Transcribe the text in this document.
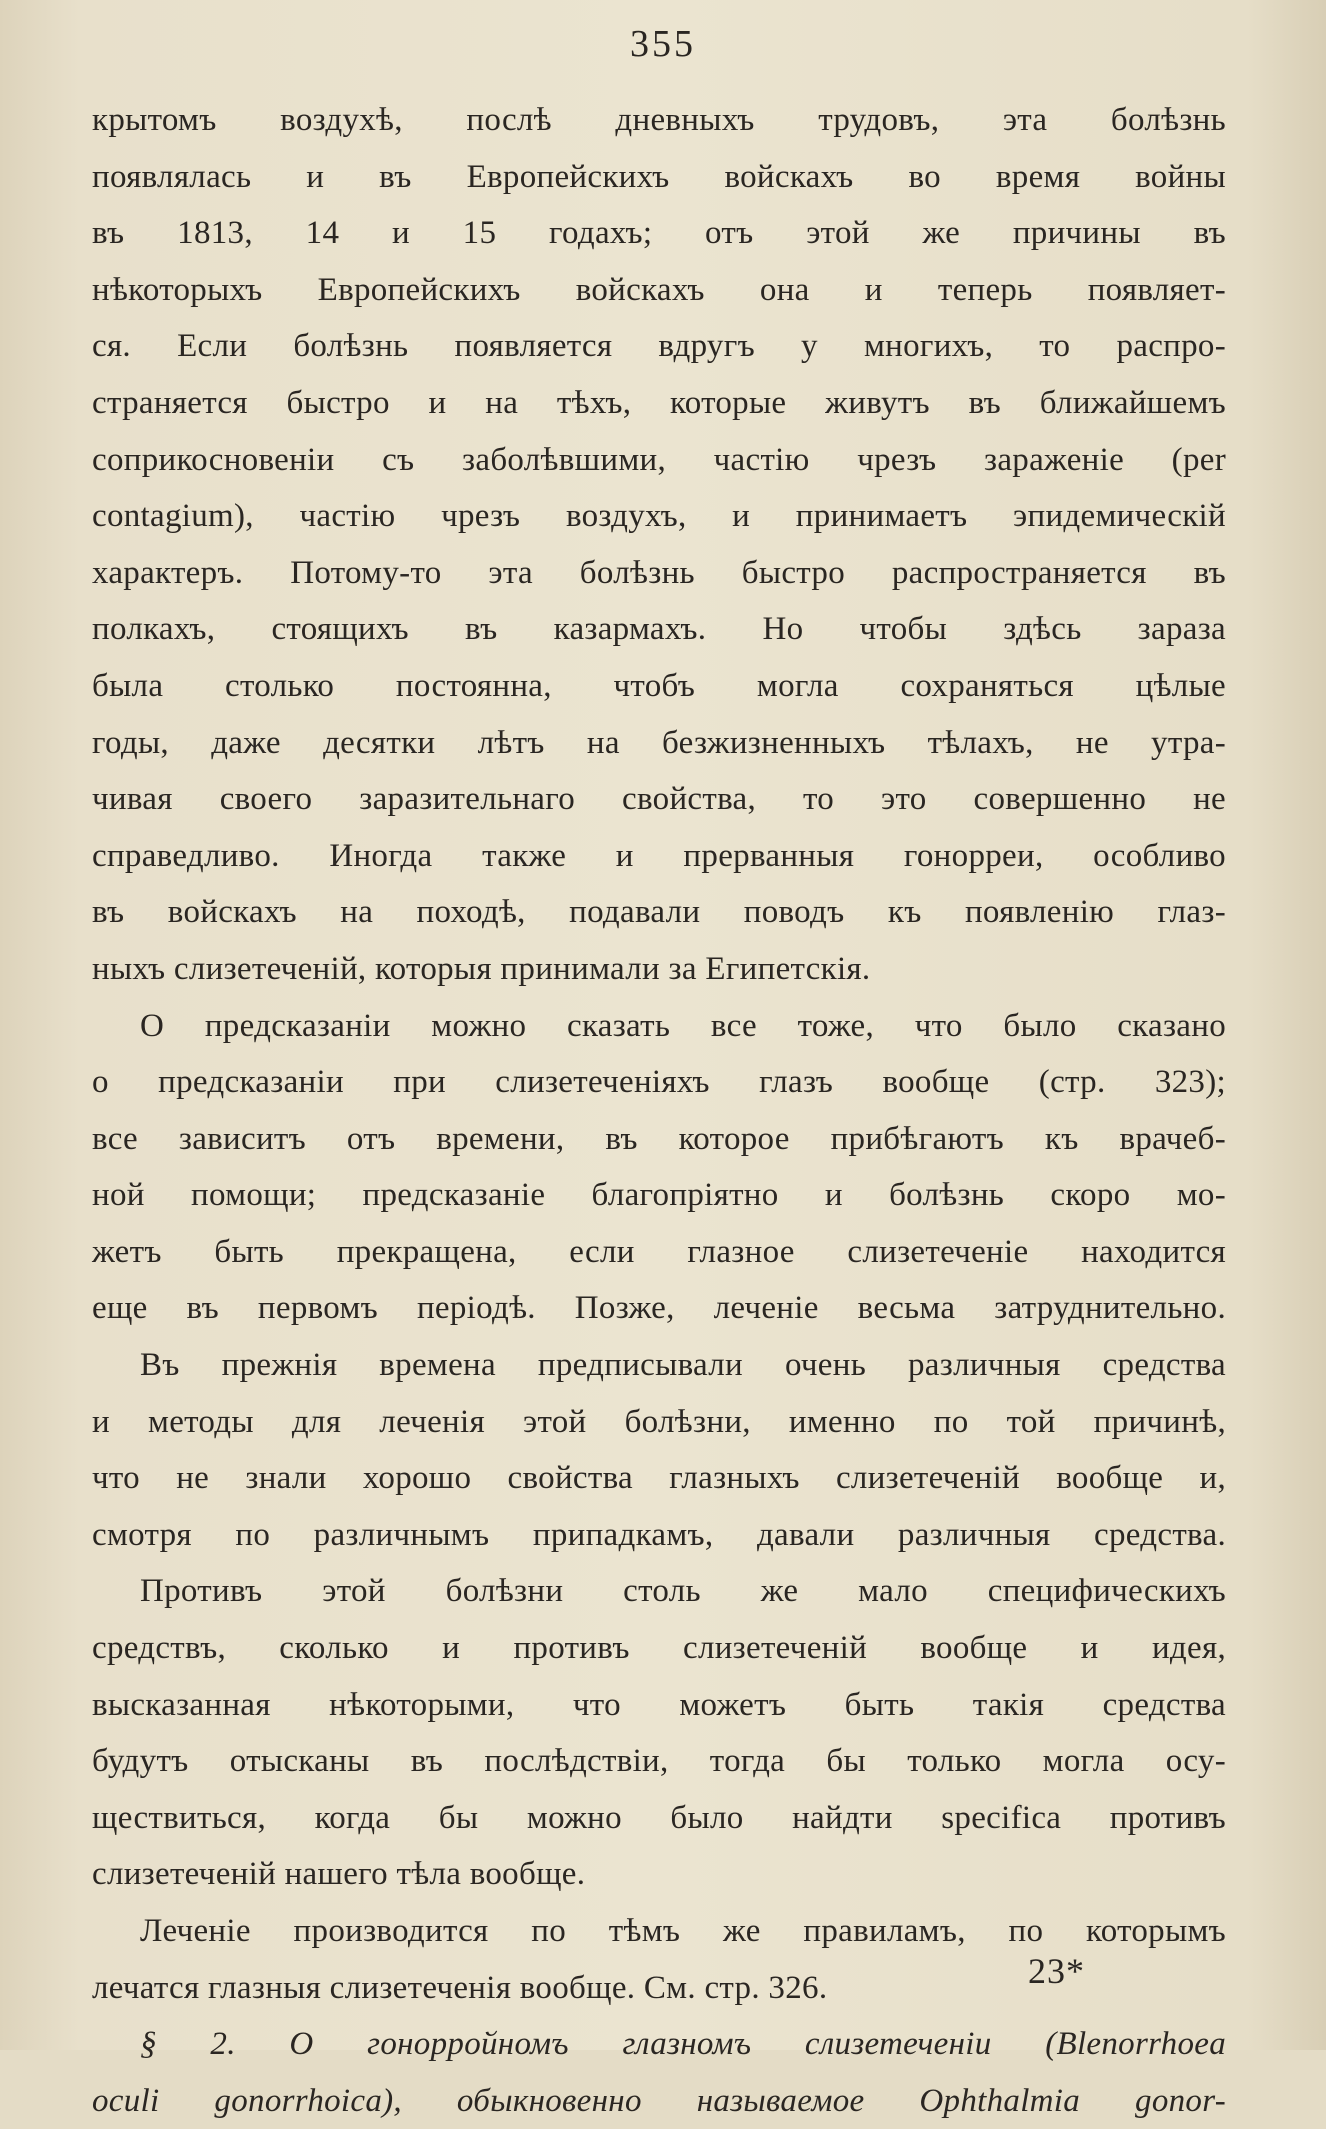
355
крытомъ воздухѣ, послѣ дневныхъ трудовъ, эта болѣзнь
появлялась и въ Европейскихъ войскахъ во время войны
въ 1813, 14 и 15 годахъ; отъ этой же причины въ
нѣкоторыхъ Европейскихъ войскахъ она и теперь появляет-
ся. Если болѣзнь появляется вдругъ у многихъ, то распро-
страняется быстро и на тѣхъ, которые живутъ въ ближайшемъ
соприкосновеніи съ заболѣвшими, частію чрезъ зараженіе (per
contagium), частію чрезъ воздухъ, и принимаетъ эпидемическій
характеръ. Потому-то эта болѣзнь быстро распространяется въ
полкахъ, стоящихъ въ казармахъ. Но чтобы здѣсь зараза
была столько постоянна, чтобъ могла сохраняться цѣлые
годы, даже десятки лѣтъ на безжизненныхъ тѣлахъ, не утра-
чивая своего заразительнаго свойства, то это совершенно не
справедливо. Иногда также и прерванныя гонорреи, особливо
въ войскахъ на походѣ, подавали поводъ къ появленію глаз-
ныхъ слизетеченій, которыя принимали за Египетскія.
О предсказаніи можно сказать все тоже, что было сказано
о предсказаніи при слизетеченіяхъ глазъ вообще (стр. 323);
все зависитъ отъ времени, въ которое прибѣгаютъ къ врачеб-
ной помощи; предсказаніе благопріятно и болѣзнь скоро мо-
жетъ быть прекращена, если глазное слизетеченіе находится
еще въ первомъ періодѣ. Позже, леченіе весьма затруднительно.
Въ прежнія времена предписывали очень различныя средства
и методы для леченія этой болѣзни, именно по той причинѣ,
что не знали хорошо свойства глазныхъ слизетеченій вообще и,
смотря по различнымъ припадкамъ, давали различныя средства.
Противъ этой болѣзни столь же мало специфическихъ
средствъ, сколько и противъ слизетеченій вообще и идея,
высказанная нѣкоторыми, что можетъ быть такія средства
будутъ отысканы въ послѣдствіи, тогда бы только могла осу-
ществиться, когда бы можно было найдти specifica противъ
слизетеченій нашего тѣла вообще.
Леченіе производится по тѣмъ же правиламъ, по которымъ
лечатся глазныя слизетеченія вообще. См. стр. 326.
§ 2. О гонорройномъ глазномъ слизетеченіи (Blenorrhoea
oculi gonorrhoica), обыкновенно называемое Ophthalmia gonor-
23*
